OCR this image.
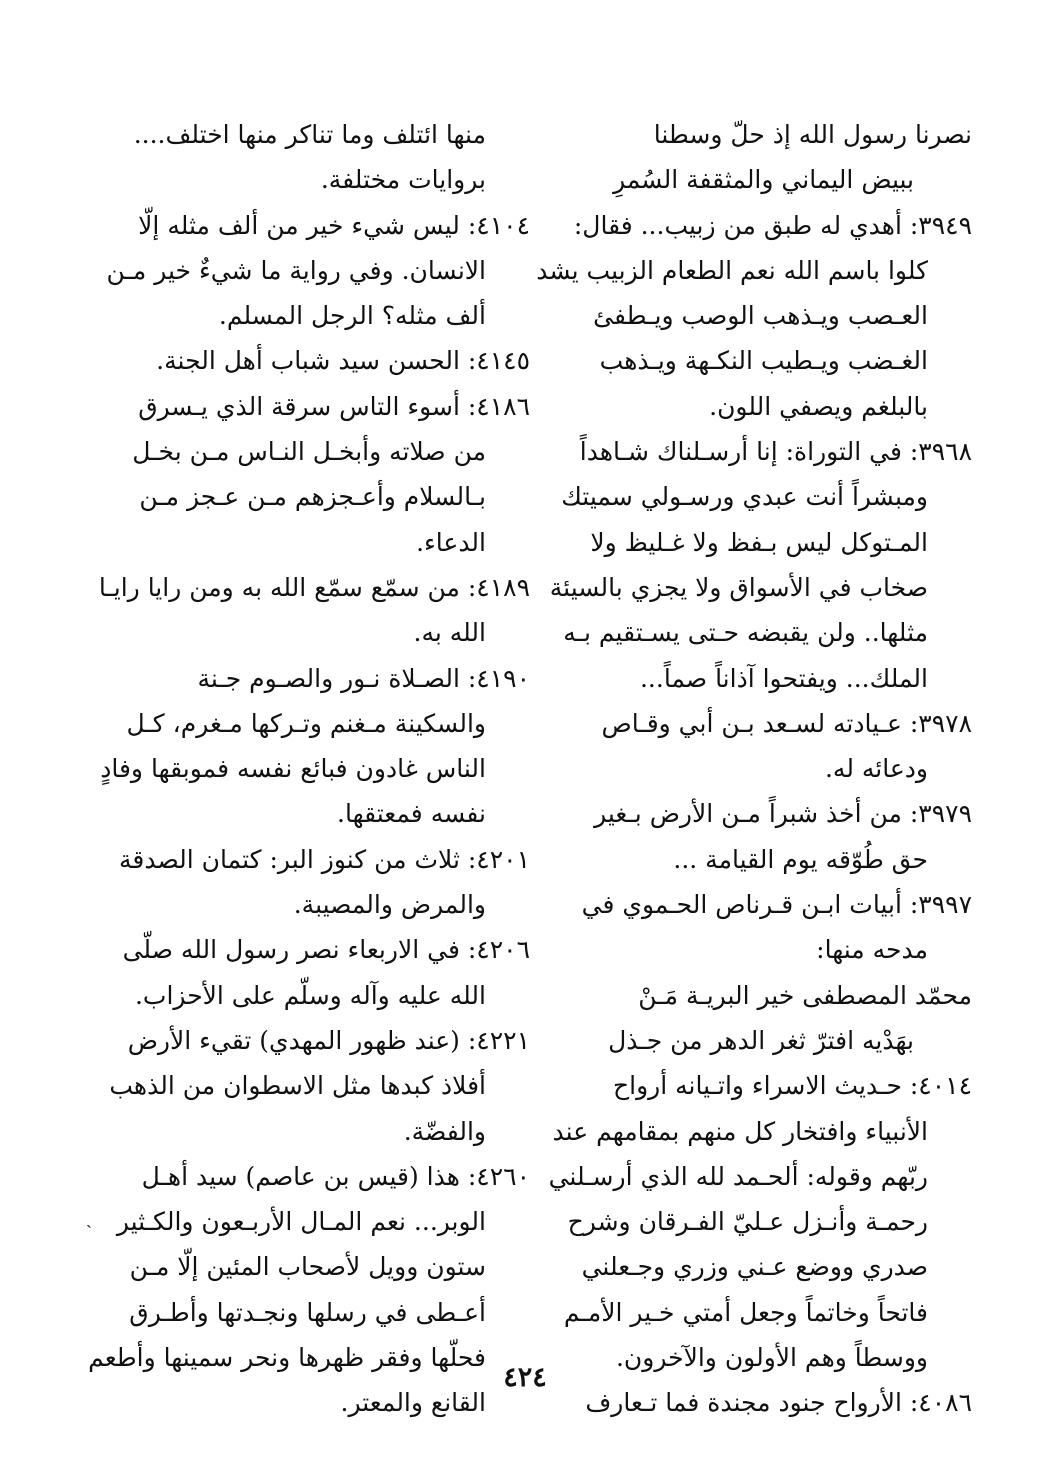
نصرنا رسول الله إذ حلّ وسطنا
ببيض اليماني والمثقفة السُمرِ
٣٩٤٩: أهدي له طبق من زبيب... فقال:
كلوا باسم الله نعم الطعام الزبيب يشد
العـصب ويـذهب الوصب ويـطفئ
الغـضب ويـطيب النكـهة ويـذهب
بالبلغم ويصفي اللون.
٣٩٦٨: في التوراة: إنا أرسـلناك شـاهداً
ومبشراً أنت عبدي ورسـولي سميتك
المـتوكل ليس بـفظ ولا غـليظ ولا
صخاب في الأسواق ولا يجزي بالسيئة
مثلها.. ولن يقبضه حـتى يسـتقيم بـه
الملك... ويفتحوا آذاناً صماً...
٣٩٧٨: عـيادته لسـعد بـن أبي وقـاص
ودعائه له.
٣٩٧٩: من أخذ شبراً مـن الأرض بـغير
حق طُوّقه يوم القيامة ...
٣٩٩٧: أبيات ابـن قـرناص الحـموي في
مدحه منها:
محمّد المصطفى خير البريـة مَـنْ
بهَدْيه افترّ ثغر الدهر من جـذل
٤٠١٤: حـديث الاسراء واتـيانه أرواح
الأنبياء وافتخار كل منهم بمقامهم عند
ربّهم وقوله: ألحـمد لله الذي أرسـلني
رحمـة وأنـزل عـليّ الفـرقان وشرح
صدري ووضع عـني وزري وجـعلني
فاتحاً وخاتماً وجعل أمتي خـير الأمـم
ووسطاً وهم الأولون والآخرون.
٤٠٨٦: الأرواح جنود مجندة فما تـعارف
منها ائتلف وما تناكر منها اختلف....
بروايات مختلفة.
٤١٠٤: ليس شيء خير من ألف مثله إلّا
الانسان. وفي رواية ما شيءٌ خير مـن
ألف مثله؟ الرجل المسلم.
٤١٤٥: الحسن سيد شباب أهل الجنة.
٤١٨٦: أسوء التاس سرقة الذي يـسرق
من صلاته وأبخـل النـاس مـن بخـل
بـالسلام وأعـجزهم مـن عـجز مـن
الدعاء.
٤١٨٩: من سمّع سمّع الله به ومن رايا رايـا
الله به.
٤١٩٠: الصـلاة نـور والصـوم جـنة
والسكينة مـغنم وتـركها مـغرم، كـل
الناس غادون فبائع نفسه فموبقها وفادٍ
نفسه فمعتقها.
٤٢٠١: ثلاث من كنوز البر: كتمان الصدقة
والمرض والمصيبة.
٤٢٠٦: في الاربعاء نصر رسول الله صلّى
الله عليه وآله وسلّم على الأحزاب.
٤٢٢١: (عند ظهور المهدي) تقيء الأرض
أفلاذ كبدها مثل الاسطوان من الذهب
والفضّة.
٤٢٦٠: هذا (قيس بن عاصم) سيد أهـل
الوبر... نعم المـال الأربـعون والكـثير
ستون وويل لأصحاب المئين إلّا مـن
أعـطى في رسلها ونجـدتها وأطـرق
فحلّها وفقر ظهرها ونحر سمينها وأطعم
القانع والمعتر.
٤٢٤
ˏ
